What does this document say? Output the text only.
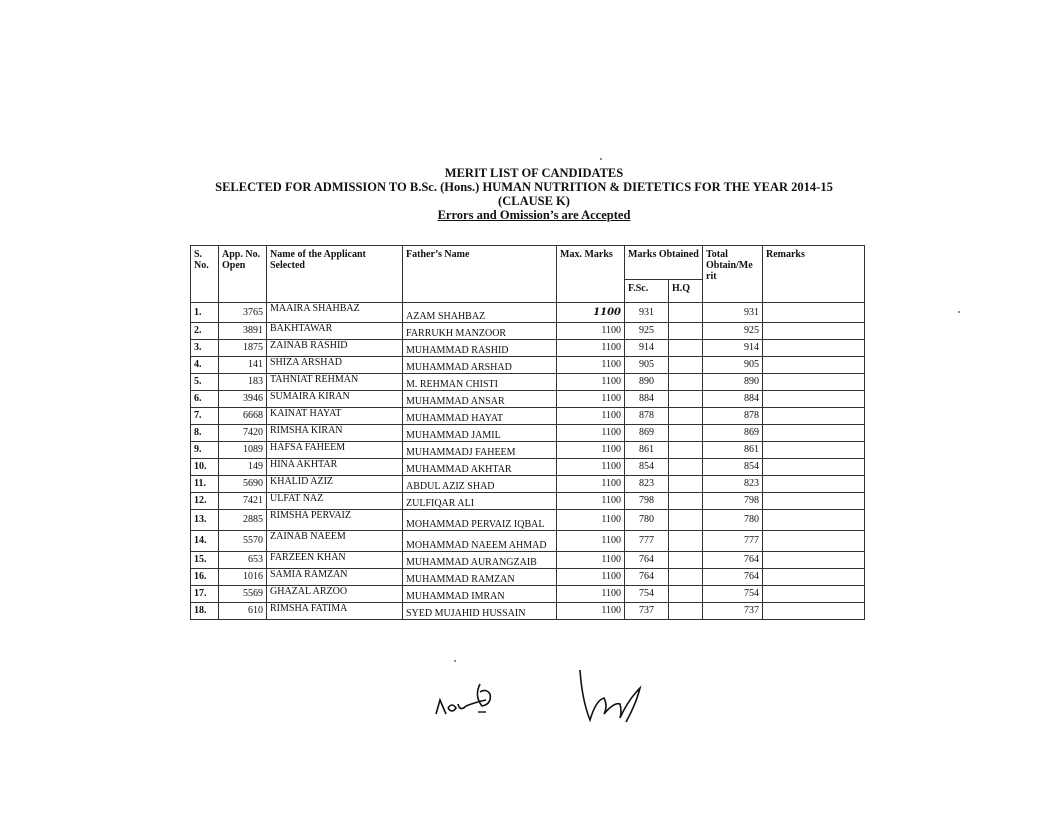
MERIT LIST OF CANDIDATES
SELECTED FOR ADMISSION TO B.Sc. (Hons.) HUMAN NUTRITION & DIETETICS FOR THE YEAR 2014-15
(CLAUSE K)
Errors and Omission’s are Accepted
S. No.	App. No. Open	Name of the Applicant Selected	Father’s Name	Max. Marks	Marks Obtained		Total Obtain/Me rit	Remarks
					F.Sc.	H.Q		
1.	3765	MAAIRA SHAHBAZ	AZAM SHAHBAZ	1100	931		931	
2.	3891	BAKHTAWAR	FARRUKH MANZOOR	1100	925		925	
3.	1875	ZAINAB RASHID	MUHAMMAD RASHID	1100	914		914	
4.	141	SHIZA ARSHAD	MUHAMMAD ARSHAD	1100	905		905	
5.	183	TAHNIAT REHMAN	M. REHMAN CHISTI	1100	890		890	
6.	3946	SUMAIRA KIRAN	MUHAMMAD ANSAR	1100	884		884	
7.	6668	KAINAT HAYAT	MUHAMMAD HAYAT	1100	878		878	
8.	7420	RIMSHA KIRAN	MUHAMMAD JAMIL	1100	869		869	
9.	1089	HAFSA FAHEEM	MUHAMMADJ FAHEEM	1100	861		861	
10.	149	HINA AKHTAR	MUHAMMAD AKHTAR	1100	854		854	
11.	5690	KHALID AZIZ	ABDUL AZIZ SHAD	1100	823		823	
12.	7421	ULFAT NAZ	ZULFIQAR ALI	1100	798		798	
13.	2885	RIMSHA PERVAIZ	MOHAMMAD PERVAIZ IQBAL	1100	780		780	
14.	5570	ZAINAB NAEEM	MOHAMMAD NAEEM AHMAD	1100	777		777	
15.	653	FARZEEN KHAN	MUHAMMAD AURANGZAIB	1100	764		764	
16.	1016	SAMIA RAMZAN	MUHAMMAD RAMZAN	1100	764		764	
17.	5569	GHAZAL ARZOO	MUHAMMAD IMRAN	1100	754		754	
18.	610	RIMSHA FATIMA	SYED MUJAHID HUSSAIN	1100	737		737	
